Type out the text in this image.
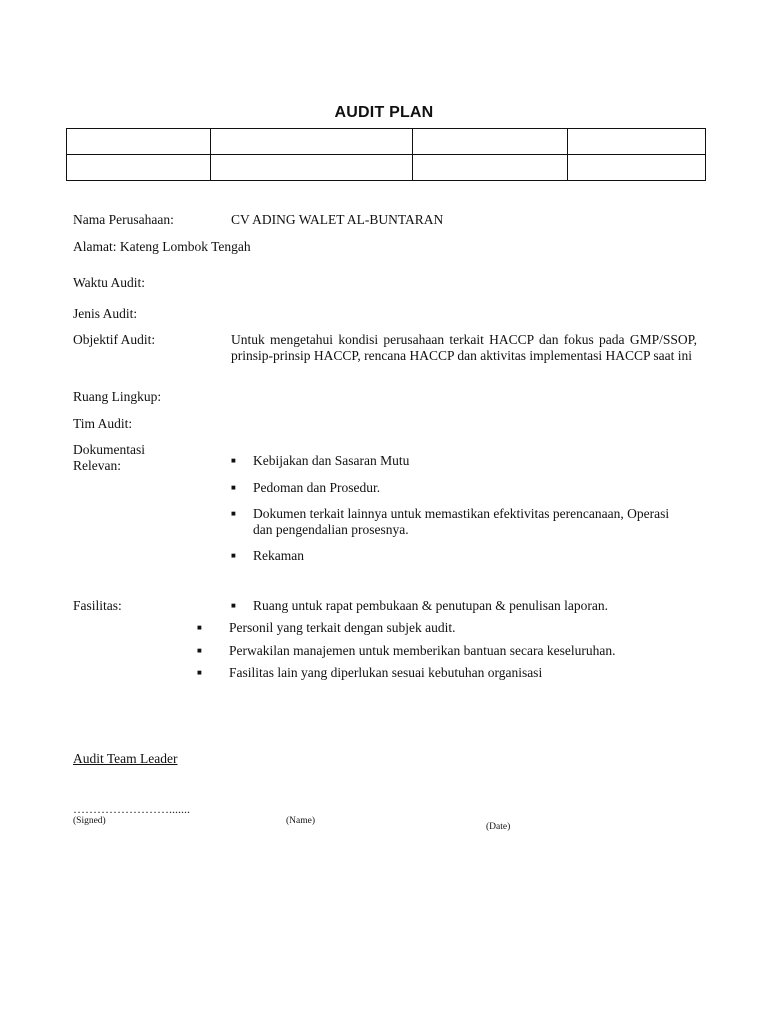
AUDIT PLAN

Nama Perusahaan:	CV ADING WALET AL-BUNTARAN
Alamat: Kateng Lombok Tengah
Waktu Audit:
Jenis Audit:
Objektif Audit:	Untuk mengetahui kondisi perusahaan terkait HACCP dan fokus pada GMP/SSOP, prinsip-prinsip HACCP, rencana HACCP dan aktivitas implementasi HACCP saat ini
Ruang Lingkup:
Tim Audit:
Dokumentasi
Relevan:	■ Kebijakan dan Sasaran Mutu
■ Pedoman dan Prosedur.
■ Dokumen terkait lainnya untuk memastikan efektivitas perencanaan, Operasi
dan pengendalian prosesnya.
■ Rekaman
Fasilitas:	■ Ruang untuk rapat pembukaan & penutupan & penulisan laporan.
■ Personil yang terkait dengan subjek audit.
■ Perwakilan manajemen untuk memberikan bantuan secara keseluruhan.
■ Fasilitas lain yang diperlukan sesuai kebutuhan organisasi
Audit Team Leader
…………………….......
(Signed)	(Name)
(Date)
